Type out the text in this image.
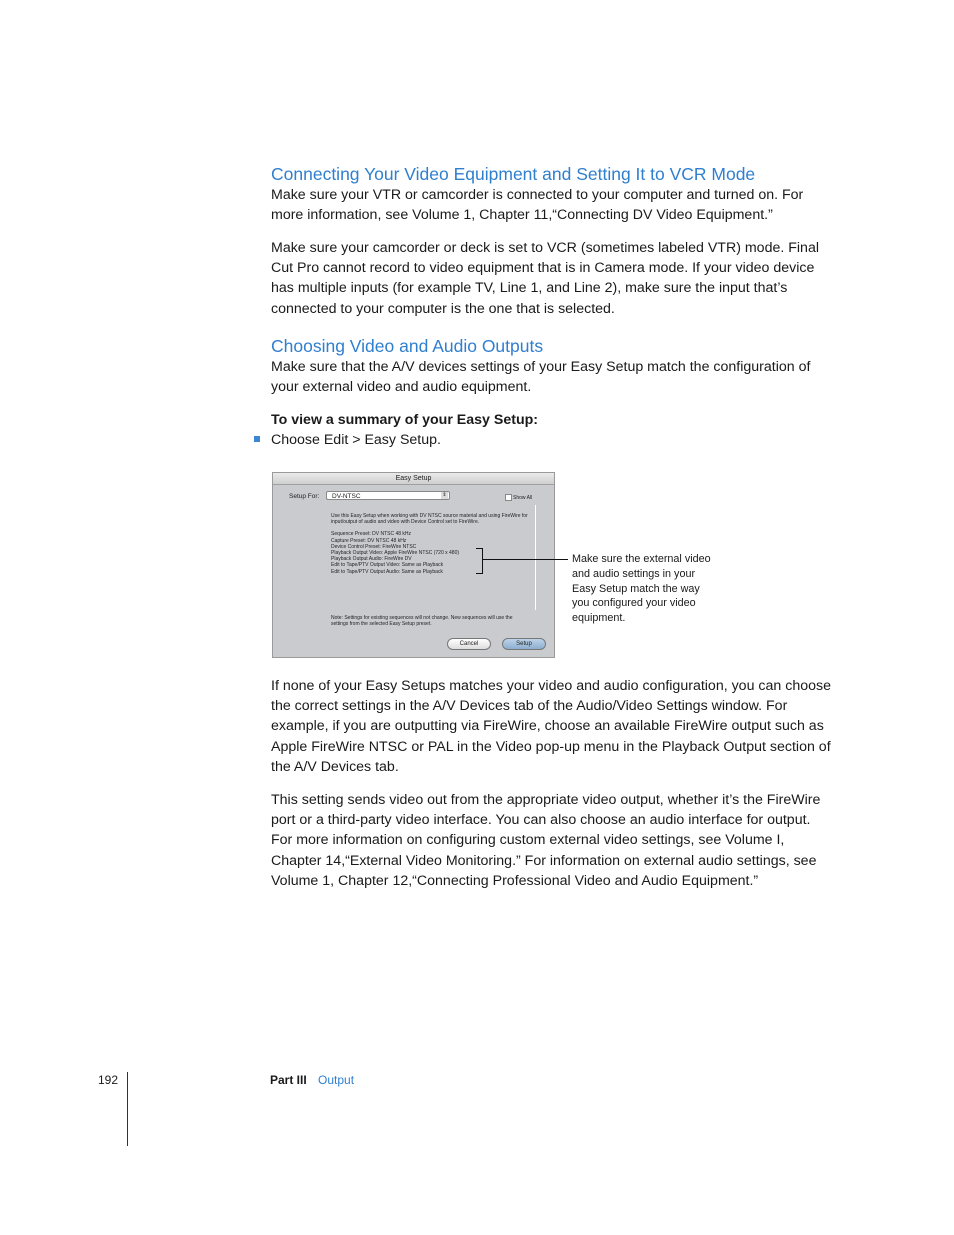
Connecting Your Video Equipment and Setting It to VCR Mode
Make sure your VTR or camcorder is connected to your computer and turned on. For more information, see Volume 1, Chapter 11,“Connecting DV Video Equipment.”
Make sure your camcorder or deck is set to VCR (sometimes labeled VTR) mode. Final Cut Pro cannot record to video equipment that is in Camera mode. If your video device has multiple inputs (for example TV, Line 1, and Line 2), make sure the input that’s connected to your computer is the one that is selected.
Choosing Video and Audio Outputs
Make sure that the A/V devices settings of your Easy Setup match the configuration of your external video and audio equipment.
To view a summary of your Easy Setup:
Choose Edit > Easy Setup.
Easy Setup
Setup For:	DV-NTSC	⇕	Show All
Use this Easy Setup when working with DV NTSC source material and using FireWire for input/output of audio and video with Device Control set to FireWire.
Sequence Preset: DV NTSC 48 kHz
Capture Preset: DV NTSC 48 kHz
Device Control Preset: FireWire NTSC
Playback Output Video: Apple FireWire NTSC (720 x 480)
Playback Output Audio: FireWire DV
Edit to Tape/PTV Output Video: Same as Playback
Edit to Tape/PTV Output Audio: Same as Playback
Note: Settings for existing sequences will not change. New sequences will use the settings from the selected Easy Setup preset.
Cancel	Setup
Make sure the external video and audio settings in your Easy Setup match the way you configured your video equipment.
If none of your Easy Setups matches your video and audio configuration, you can choose the correct settings in the A/V Devices tab of the Audio/Video Settings window. For example, if you are outputting via FireWire, choose an available FireWire output such as Apple FireWire NTSC or PAL in the Video pop-up menu in the Playback Output section of the A/V Devices tab.
This setting sends video out from the appropriate video output, whether it’s the FireWire port or a third-party video interface. You can also choose an audio interface for output. For more information on configuring custom external video settings, see Volume I, Chapter 14,“External Video Monitoring.” For information on external audio settings, see Volume 1, Chapter 12,“Connecting Professional Video and Audio Equipment.”
192	Part III Output
